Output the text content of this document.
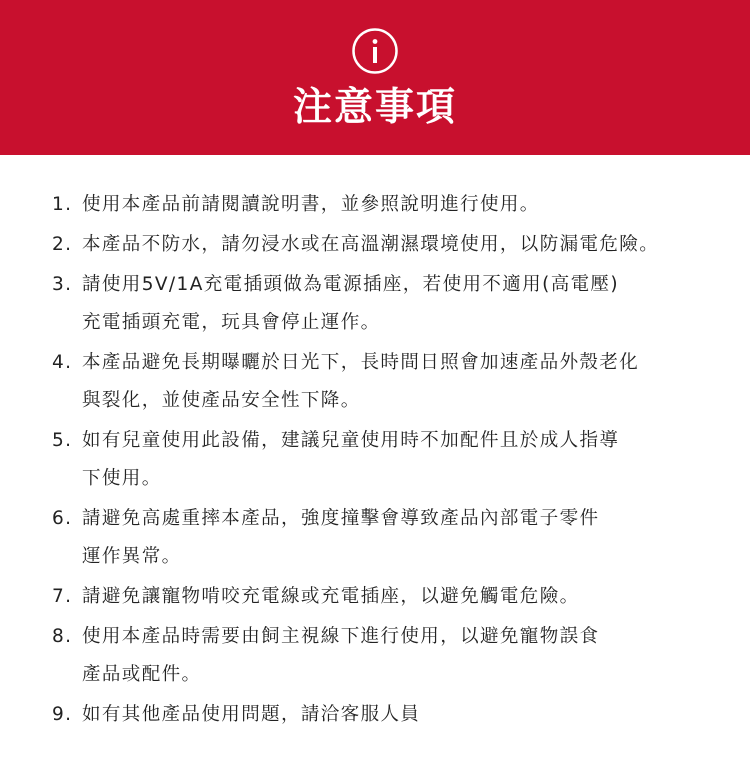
注意事項
1. 使用本產品前請閱讀說明書，並參照說明進行使用。
2. 本產品不防水，請勿浸水或在高溫潮濕環境使用，以防漏電危險。
3. 請使用5V/1A充電插頭做為電源插座，若使用不適用(高電壓)
充電插頭充電，玩具會停止運作。
4. 本產品避免長期曝曬於日光下，長時間日照會加速產品外殼老化
與裂化，並使產品安全性下降。
5. 如有兒童使用此設備，建議兒童使用時不加配件且於成人指導
下使用。
6. 請避免高處重摔本產品，強度撞擊會導致產品內部電子零件
運作異常。
7. 請避免讓寵物啃咬充電線或充電插座，以避免觸電危險。
8. 使用本產品時需要由飼主視線下進行使用，以避免寵物誤食
產品或配件。
9. 如有其他產品使用問題，請洽客服人員
